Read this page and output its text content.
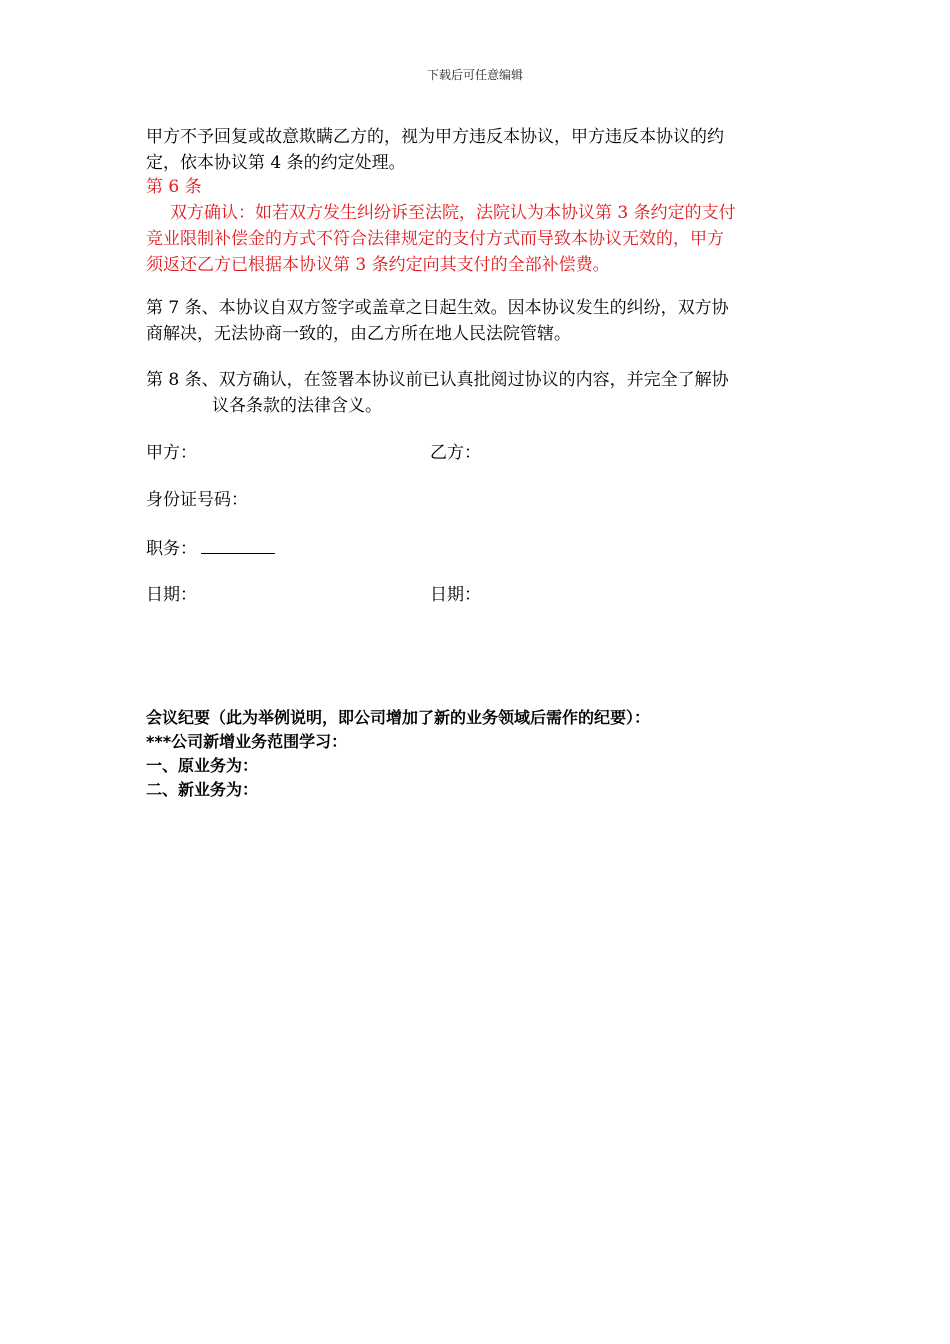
下载后可任意编辑
甲方不予回复或故意欺瞒乙方的，视为甲方违反本协议，甲方违反本协议的约
定，依本协议第 4 条的约定处理。
第 6 条
双方确认：如若双方发生纠纷诉至法院，法院认为本协议第 3 条约定的支付
竞业限制补偿金的方式不符合法律规定的支付方式而导致本协议无效的，甲方
须返还乙方已根据本协议第 3 条约定向其支付的全部补偿费。
第 7 条、本协议自双方签字或盖章之日起生效。因本协议发生的纠纷，双方协
商解决，无法协商一致的，由乙方所在地人民法院管辖。
第 8 条、双方确认，在签署本协议前已认真批阅过协议的内容，并完全了解协
议各条款的法律含义。
甲方：	乙方：
身份证号码：
职务：
日期：	日期：
会议纪要（此为举例说明，即公司增加了新的业务领域后需作的纪要）：
***公司新增业务范围学习：
一、原业务为：
二、新业务为：
